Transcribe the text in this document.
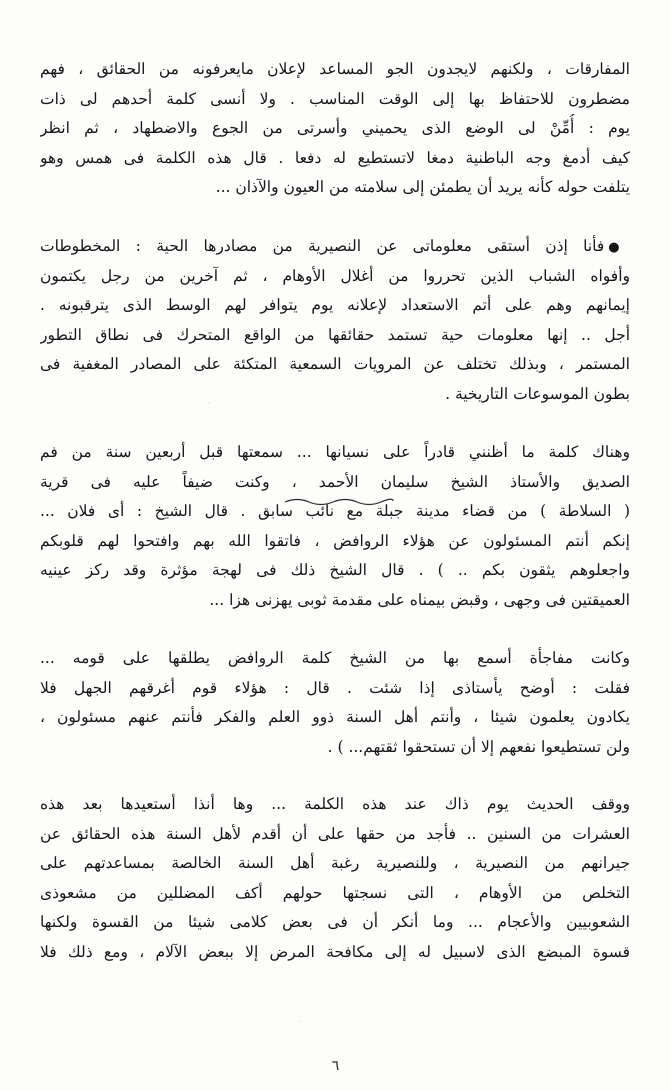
المفارقات ، ولكنهم لايجدون الجو المساعد لإعلان مايعرفونه من الحقائق ، فهم
مضطرون للاحتفاظ بها إلى الوقت المناسب . ولا أنسى كلمة أحدهم لى ذات
يوم : أُمِّنْ لى الوضع الذى يحميني وأسرتى من الجوع والاضطهاد ، ثم انظر
كيف أدمغ وجه الباطنية دمغا لاتستطيع له دفعا . قال هذه الكلمة فى همس وهو
يتلفت حوله كأنه يريد أن يطمئن إلى سلامته من العيون والآذان ...
●فأنا إذن أستقى معلوماتى عن النصيرية من مصادرها الحية : المخطوطات
وأفواه الشباب الذين تحرروا من أغلال الأوهام ، ثم آخرين من رجل يكتمون
إيمانهم وهم على أتم الاستعداد لإعلانه يوم يتوافر لهم الوسط الذى يترقبونه .
أجل .. إنها معلومات حية تستمد حقائقها من الواقع المتحرك فى نطاق التطور
المستمر ، وبذلك تختلف عن المرويات السمعية المتكئة على المصادر المغفية فى
بطون الموسوعات التاريخية .
وهناك كلمة ما أظنني قادراً على نسيانها ... سمعتها قبل أربعين سنة من فم
الصديق والأستاذ الشيخ سليمان الأحمد ، وكنت ضيفاً عليه فى قرية
( السلاطة ) من قضاء مدينة جبلة مع نائب سابق . قال الشيخ : أى فلان ...
إنكم أنتم المسئولون عن هؤلاء الروافض ، فاتقوا الله بهم وافتحوا لهم قلوبكم
واجعلوهم يثقون بكم .. ) . قال الشيخ ذلك فى لهجة مؤثرة وقد ركز عينيه
العميقتين فى وجهى ، وقبض بيمناه على مقدمة ثوبى يهزنى هزا ...
وكانت مفاجأة أسمع بها من الشيخ كلمة الروافض يطلقها على قومه ...
فقلت : أوضح يأستاذى إذا شئت . قال : هؤلاء قوم أغرقهم الجهل فلا
يكادون يعلمون شيئا ، وأنتم أهل السنة ذوو العلم والفكر فأنتم عنهم مسئولون ،
ولن تستطيعوا نفعهم إلا أن تستحقوا ثقتهم... ) .
ووقف الحديث يوم ذاك عند هذه الكلمة ... وها أنذا أستعيدها بعد هذه
العشرات من السنين .. فأجد من حقها على أن أقدم لأهل السنة هذه الحقائق عن
جيرانهم من النصيرية ، وللنصيرية رغبة أهل السنة الخالصة بمساعدتهم على
التخلص من الأوهام ، التى نسجتها حولهم أكف المضللين من مشعوذى
الشعوبيين والأعجام ... وما أنكر أن فى بعض كلامى شيئا من القسوة ولكنها
قسوة المبضع الذى لاسبيل له إلى مكافحة المرض إلا ببعض الآلام ، ومع ذلك فلا
٦
